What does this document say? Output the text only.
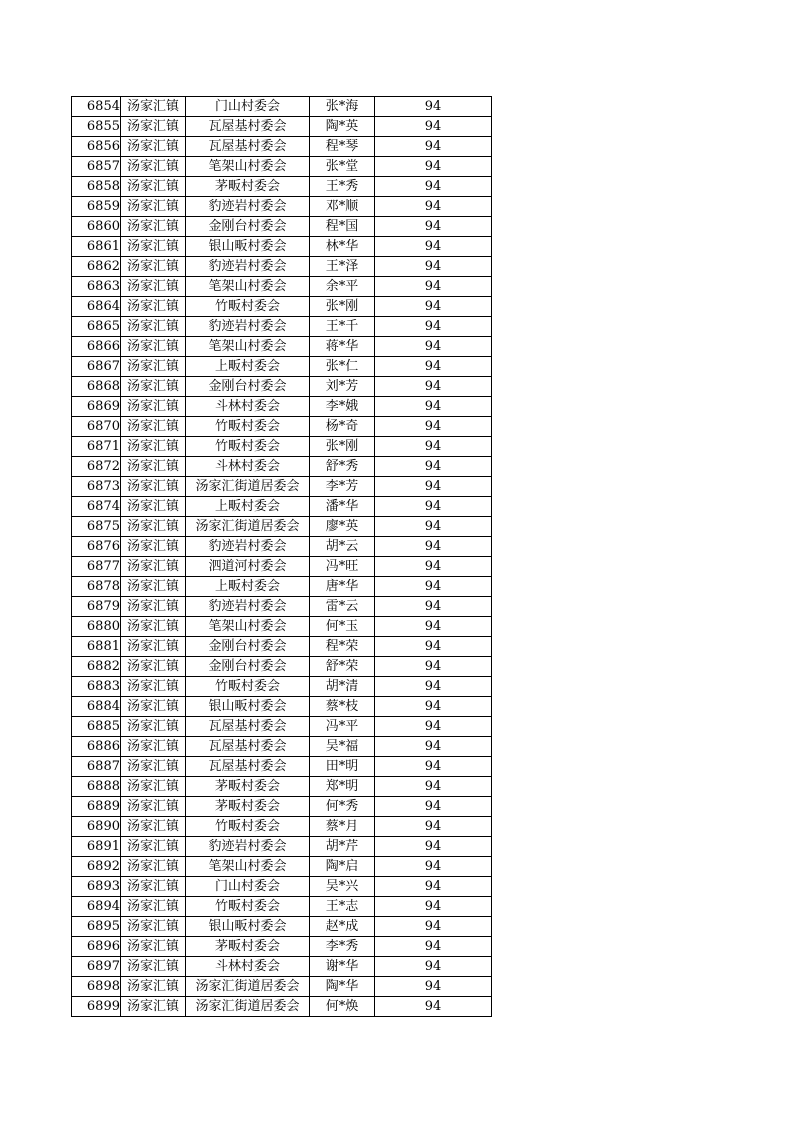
6854	汤家汇镇	门山村委会	张*海	94
6855	汤家汇镇	瓦屋基村委会	陶*英	94
6856	汤家汇镇	瓦屋基村委会	程*琴	94
6857	汤家汇镇	笔架山村委会	张*堂	94
6858	汤家汇镇	茅畈村委会	王*秀	94
6859	汤家汇镇	豹迹岩村委会	邓*顺	94
6860	汤家汇镇	金刚台村委会	程*国	94
6861	汤家汇镇	银山畈村委会	林*华	94
6862	汤家汇镇	豹迹岩村委会	王*泽	94
6863	汤家汇镇	笔架山村委会	余*平	94
6864	汤家汇镇	竹畈村委会	张*刚	94
6865	汤家汇镇	豹迹岩村委会	王*千	94
6866	汤家汇镇	笔架山村委会	蒋*华	94
6867	汤家汇镇	上畈村委会	张*仁	94
6868	汤家汇镇	金刚台村委会	刘*芳	94
6869	汤家汇镇	斗林村委会	李*娥	94
6870	汤家汇镇	竹畈村委会	杨*奇	94
6871	汤家汇镇	竹畈村委会	张*刚	94
6872	汤家汇镇	斗林村委会	舒*秀	94
6873	汤家汇镇	汤家汇街道居委会	李*芳	94
6874	汤家汇镇	上畈村委会	潘*华	94
6875	汤家汇镇	汤家汇街道居委会	廖*英	94
6876	汤家汇镇	豹迹岩村委会	胡*云	94
6877	汤家汇镇	泗道河村委会	冯*旺	94
6878	汤家汇镇	上畈村委会	唐*华	94
6879	汤家汇镇	豹迹岩村委会	雷*云	94
6880	汤家汇镇	笔架山村委会	何*玉	94
6881	汤家汇镇	金刚台村委会	程*荣	94
6882	汤家汇镇	金刚台村委会	舒*荣	94
6883	汤家汇镇	竹畈村委会	胡*清	94
6884	汤家汇镇	银山畈村委会	蔡*枝	94
6885	汤家汇镇	瓦屋基村委会	冯*平	94
6886	汤家汇镇	瓦屋基村委会	吴*福	94
6887	汤家汇镇	瓦屋基村委会	田*明	94
6888	汤家汇镇	茅畈村委会	郑*明	94
6889	汤家汇镇	茅畈村委会	何*秀	94
6890	汤家汇镇	竹畈村委会	蔡*月	94
6891	汤家汇镇	豹迹岩村委会	胡*芹	94
6892	汤家汇镇	笔架山村委会	陶*启	94
6893	汤家汇镇	门山村委会	吴*兴	94
6894	汤家汇镇	竹畈村委会	王*志	94
6895	汤家汇镇	银山畈村委会	赵*成	94
6896	汤家汇镇	茅畈村委会	李*秀	94
6897	汤家汇镇	斗林村委会	谢*华	94
6898	汤家汇镇	汤家汇街道居委会	陶*华	94
6899	汤家汇镇	汤家汇街道居委会	何*焕	94
